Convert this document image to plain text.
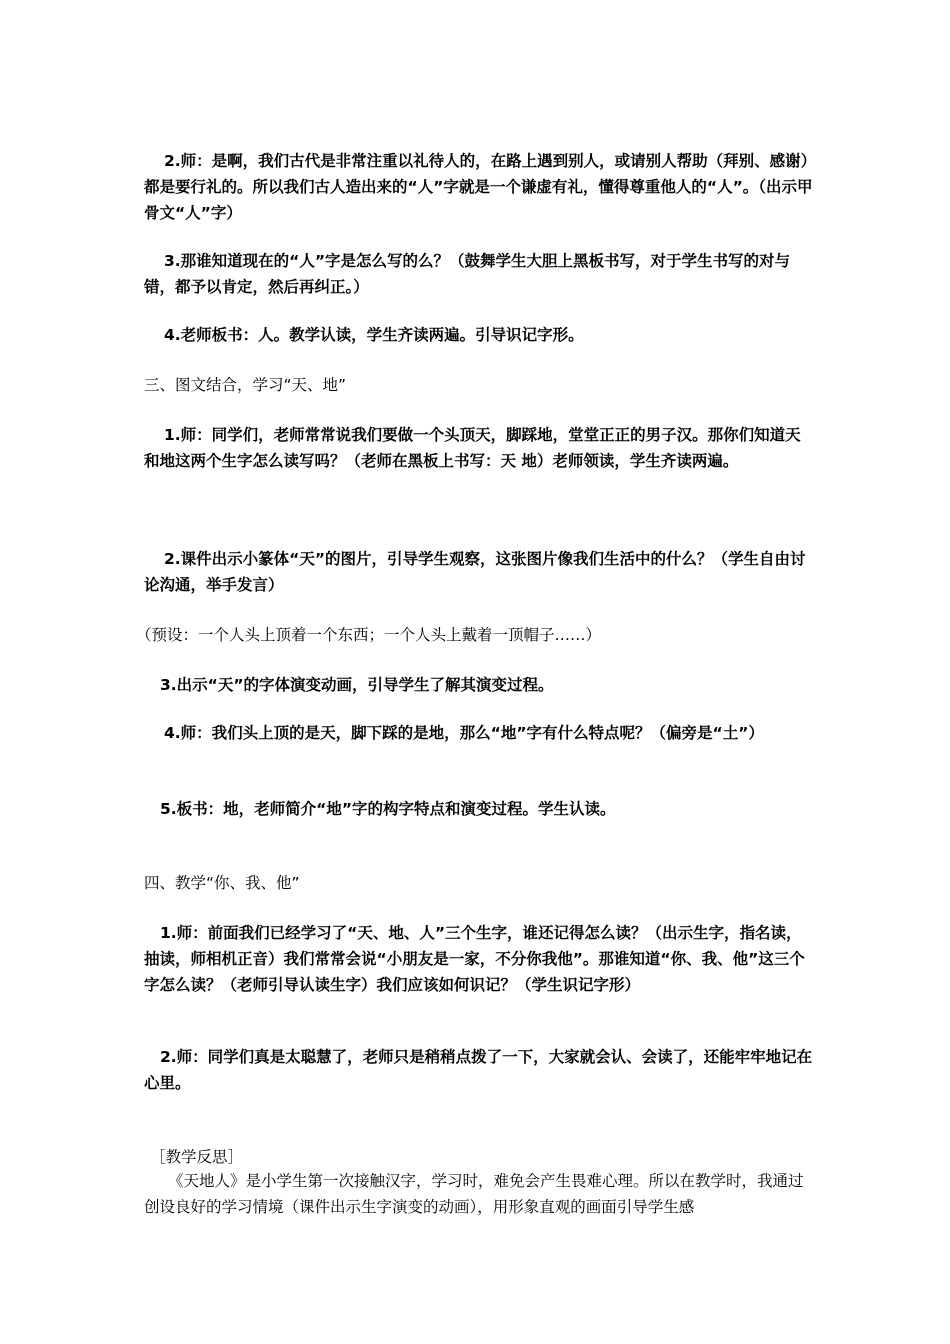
2.师：是啊，我们古代是非常注重以礼待人的，在路上遇到别人，或请别人帮助（拜别、感谢）都是要行礼的。所以我们古人造出来的“人”字就是一个谦虚有礼，懂得尊重他人的“人”。（出示甲骨文“人”字）

3.那谁知道现在的“人”字是怎么写的么？（鼓舞学生大胆上黑板书写，对于学生书写的对与错，都予以肯定，然后再纠正。）

4.老师板书：人。教学认读，学生齐读两遍。引导识记字形。

三、图文结合，学习“天、地”

1.师：同学们，老师常常说我们要做一个头顶天，脚踩地，堂堂正正的男子汉。那你们知道天和地这两个生字怎么读写吗？（老师在黑板上书写：天 地）老师领读，学生齐读两遍。

2.课件出示小篆体“天”的图片，引导学生观察，这张图片像我们生活中的什么？（学生自由讨论沟通，举手发言）

（预设：一个人头上顶着一个东西；一个人头上戴着一顶帽子……）

3.出示“天”的字体演变动画，引导学生了解其演变过程。

4.师：我们头上顶的是天，脚下踩的是地，那么“地”字有什么特点呢？（偏旁是“土”）

5.板书：地，老师简介“地”字的构字特点和演变过程。学生认读。

四、教学“你、我、他”

1.师：前面我们已经学习了“天、地、人”三个生字，谁还记得怎么读？（出示生字，指名读，抽读，师相机正音）我们常常会说“小朋友是一家，不分你我他”。那谁知道“你、我、他”这三个字怎么读？（老师引导认读生字）我们应该如何识记？（学生识记字形）

2.师：同学们真是太聪慧了，老师只是稍稍点拨了一下，大家就会认、会读了，还能牢牢地记在心里。

［教学反思］

《天地人》是小学生第一次接触汉字，学习时，难免会产生畏难心理。所以在教学时，我通过创设良好的学习情境（课件出示生字演变的动画），用形象直观的画面引导学生感
